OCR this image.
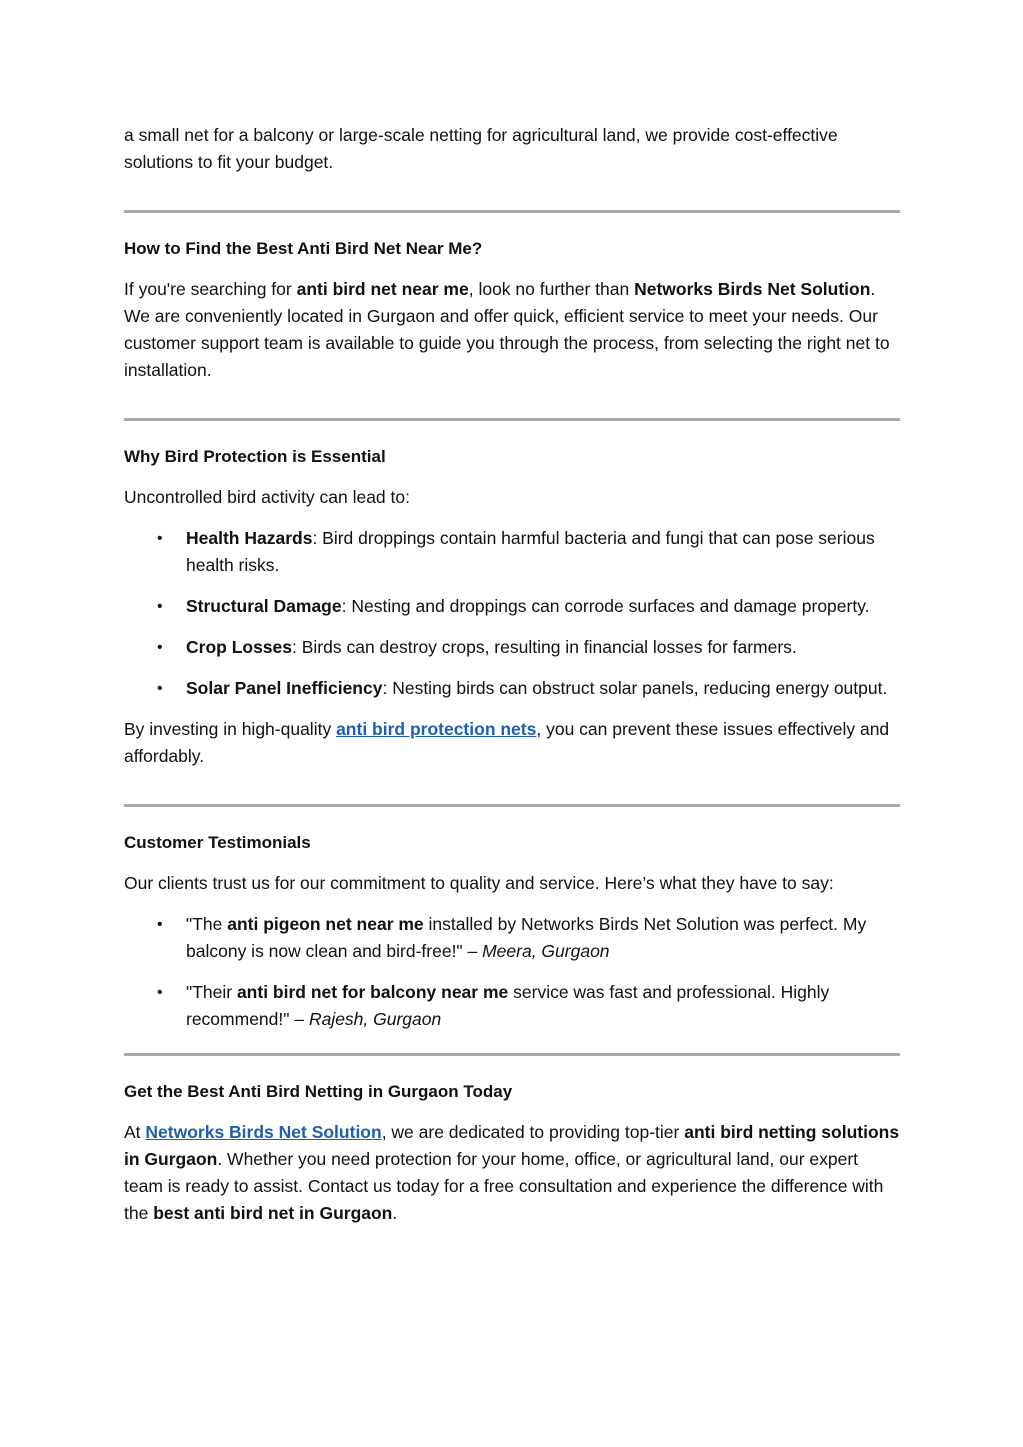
a small net for a balcony or large-scale netting for agricultural land, we provide cost-effective solutions to fit your budget.

How to Find the Best Anti Bird Net Near Me?

If you're searching for anti bird net near me, look no further than Networks Birds Net Solution. We are conveniently located in Gurgaon and offer quick, efficient service to meet your needs. Our customer support team is available to guide you through the process, from selecting the right net to installation.

Why Bird Protection is Essential

Uncontrolled bird activity can lead to:

• Health Hazards: Bird droppings contain harmful bacteria and fungi that can pose serious health risks.
• Structural Damage: Nesting and droppings can corrode surfaces and damage property.
• Crop Losses: Birds can destroy crops, resulting in financial losses for farmers.
• Solar Panel Inefficiency: Nesting birds can obstruct solar panels, reducing energy output.

By investing in high-quality anti bird protection nets, you can prevent these issues effectively and affordably.

Customer Testimonials

Our clients trust us for our commitment to quality and service. Here’s what they have to say:

• "The anti pigeon net near me installed by Networks Birds Net Solution was perfect. My balcony is now clean and bird-free!" – Meera, Gurgaon
• "Their anti bird net for balcony near me service was fast and professional. Highly recommend!" – Rajesh, Gurgaon

Get the Best Anti Bird Netting in Gurgaon Today

At Networks Birds Net Solution, we are dedicated to providing top-tier anti bird netting solutions in Gurgaon. Whether you need protection for your home, office, or agricultural land, our expert team is ready to assist. Contact us today for a free consultation and experience the difference with the best anti bird net in Gurgaon.
